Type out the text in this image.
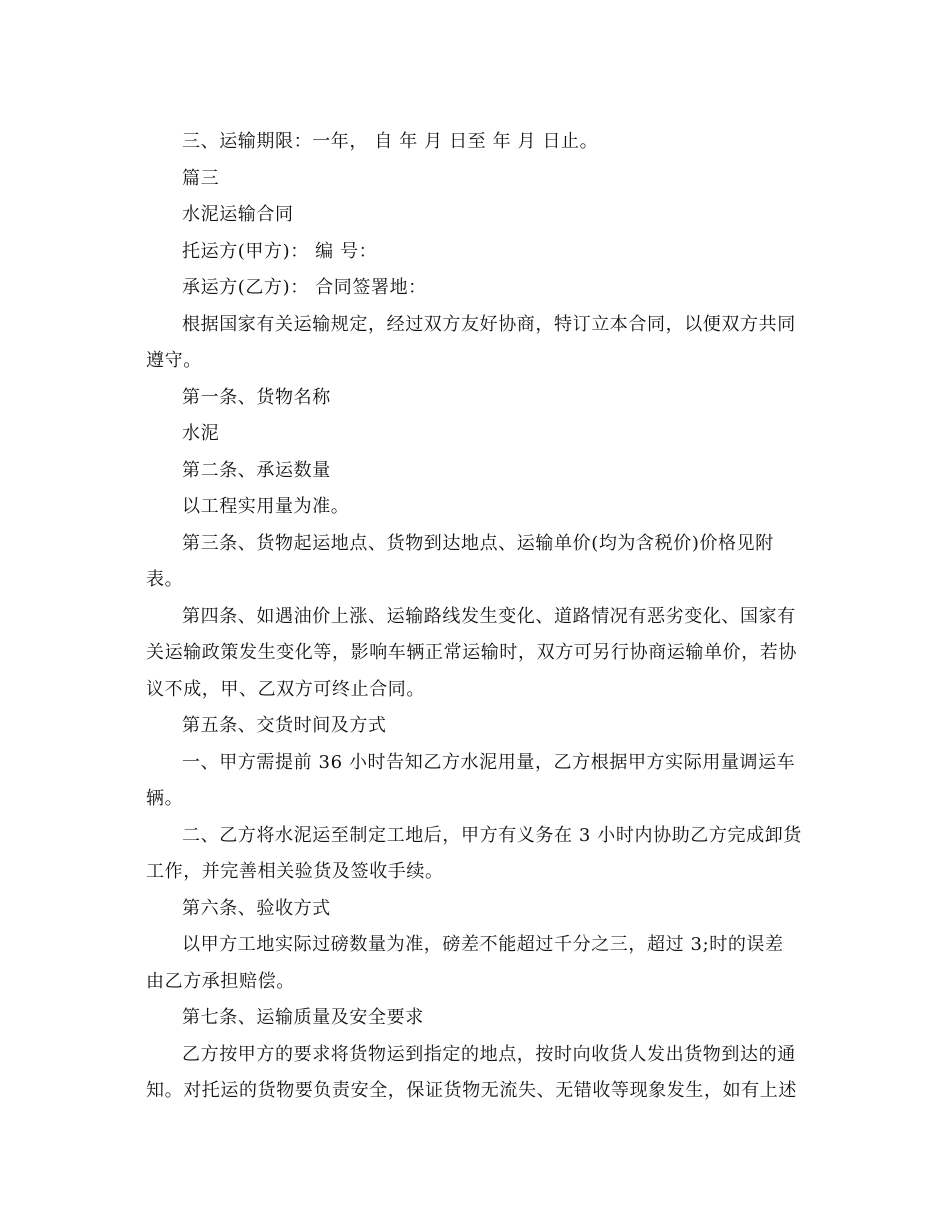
三、运输期限：一年， 自 年 月 日至 年 月 日止。

篇三

水泥运输合同

托运方(甲方)： 编 号：

承运方(乙方)： 合同签署地：

根据国家有关运输规定，经过双方友好协商，特订立本合同，以便双方共同遵守。

第一条、货物名称

水泥

第二条、承运数量

以工程实用量为准。

第三条、货物起运地点、货物到达地点、运输单价(均为含税价)价格见附表。

第四条、如遇油价上涨、运输路线发生变化、道路情况有恶劣变化、国家有关运输政策发生变化等，影响车辆正常运输时，双方可另行协商运输单价，若协议不成，甲、乙双方可终止合同。

第五条、交货时间及方式

一、甲方需提前 36 小时告知乙方水泥用量，乙方根据甲方实际用量调运车辆。

二、乙方将水泥运至制定工地后，甲方有义务在 3 小时内协助乙方完成卸货工作，并完善相关验货及签收手续。

第六条、验收方式

以甲方工地实际过磅数量为准，磅差不能超过千分之三，超过 3;时的误差由乙方承担赔偿。

第七条、运输质量及安全要求

乙方按甲方的要求将货物运到指定的地点，按时向收货人发出货物到达的通知。对托运的货物要负责安全，保证货物无流失、无错收等现象发生，如有上述
